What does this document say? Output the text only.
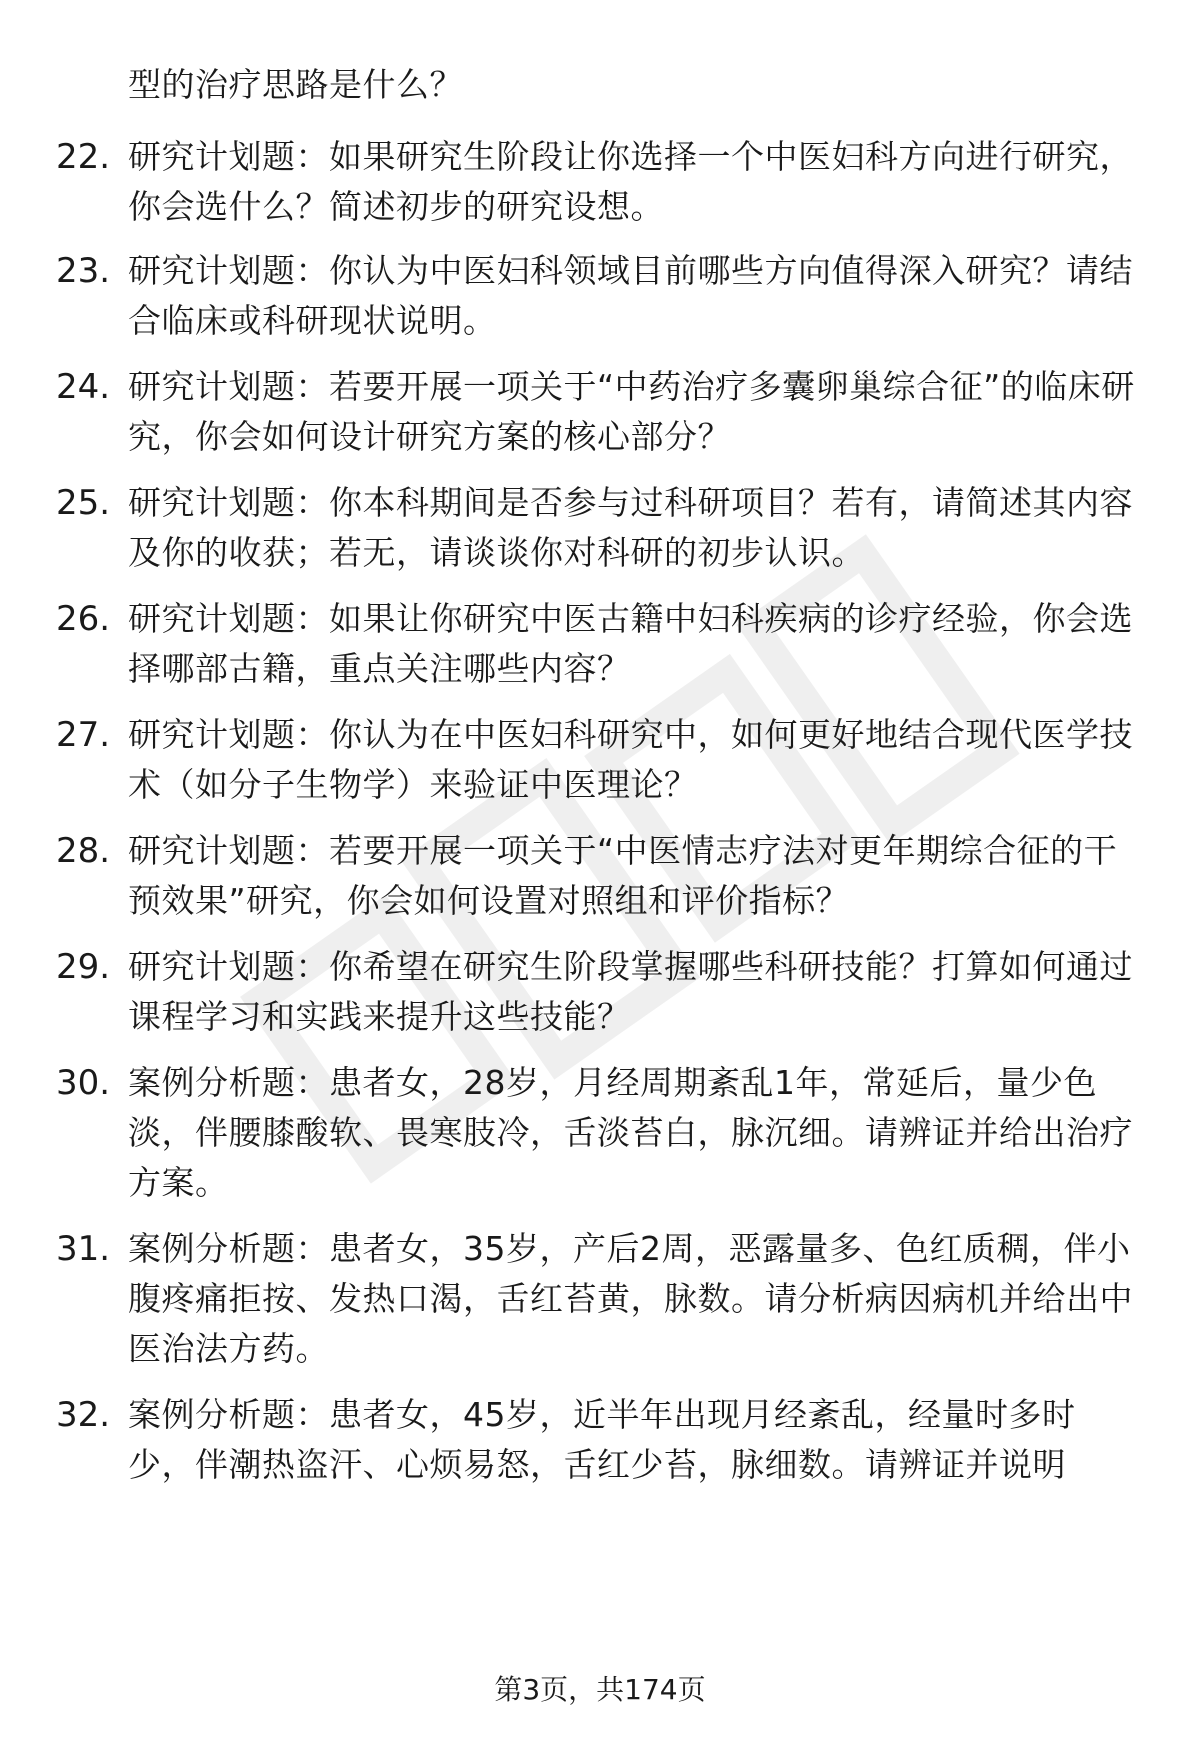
型的治疗思路是什么？
22. 研究计划题：如果研究生阶段让你选择一个中医妇科方向进行研究，你会选什么？简述初步的研究设想。
23. 研究计划题：你认为中医妇科领域目前哪些方向值得深入研究？请结合临床或科研现状说明。
24. 研究计划题：若要开展一项关于“中药治疗多囊卵巢综合征”的临床研究，你会如何设计研究方案的核心部分？
25. 研究计划题：你本科期间是否参与过科研项目？若有，请简述其内容及你的收获；若无，请谈谈你对科研的初步认识。
26. 研究计划题：如果让你研究中医古籍中妇科疾病的诊疗经验，你会选择哪部古籍，重点关注哪些内容？
27. 研究计划题：你认为在中医妇科研究中，如何更好地结合现代医学技术（如分子生物学）来验证中医理论？
28. 研究计划题：若要开展一项关于“中医情志疗法对更年期综合征的干预效果”研究，你会如何设置对照组和评价指标？
29. 研究计划题：你希望在研究生阶段掌握哪些科研技能？打算如何通过课程学习和实践来提升这些技能？
30. 案例分析题：患者女，28岁，月经周期紊乱1年，常延后，量少色淡，伴腰膝酸软、畏寒肢冷，舌淡苔白，脉沉细。请辨证并给出治疗方案。
31. 案例分析题：患者女，35岁，产后2周，恶露量多、色红质稠，伴小腹疼痛拒按、发热口渴，舌红苔黄，脉数。请分析病因病机并给出中医治法方药。
32. 案例分析题：患者女，45岁，近半年出现月经紊乱，经量时多时少，伴潮热盗汗、心烦易怒，舌红少苔，脉细数。请辨证并说明
第3页，共174页
